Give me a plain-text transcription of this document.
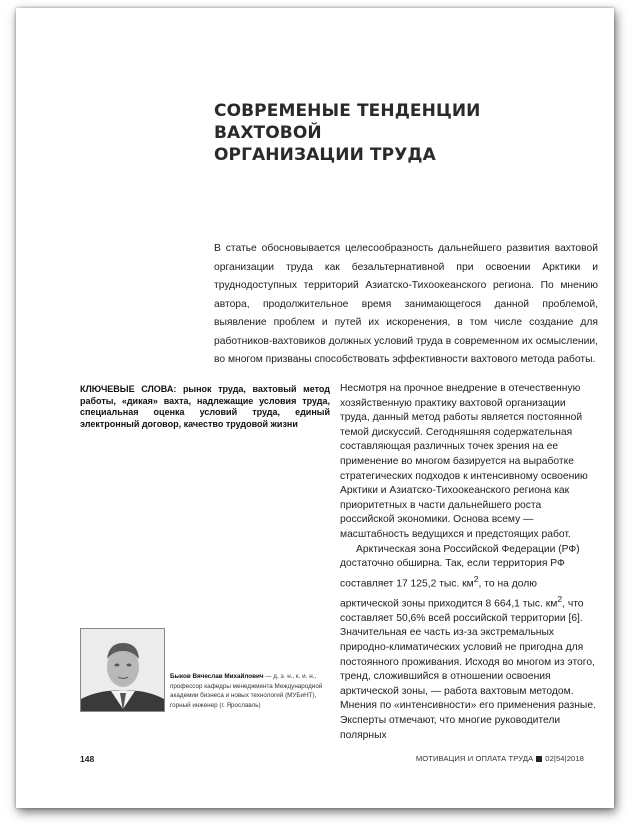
СОВРЕМЕНЫЕ ТЕНДЕНЦИИ ВАХТОВОЙ
ОРГАНИЗАЦИИ ТРУДА

В статье обосновывается целесообразность дальнейшего развития вахтовой организации труда как безальтернативной при освоении Арктики и труднодоступных территорий Азиатско-Тихоокеанского региона. По мнению автора, продолжительное время занимающегося данной проблемой, выявление проблем и путей их искоренения, в том числе создание для работников-вахтовиков должных условий труда в современном их осмыслении, во многом призваны способствовать эффективности вахтового метода работы.

КЛЮЧЕВЫЕ СЛОВА: рынок труда, вахтовый метод работы, «дикая» вахта, надлежащие условия труда, специальная оценка условий труда, единый электронный договор, качество трудовой жизни

Несмотря на прочное внедрение в отечественную хозяйственную практику вахтовой организации труда, данный метод работы является постоянной темой дискуссий. Сегодняшняя содержательная составляющая различных точек зрения на ее применение во многом базируется на выработке стратегических подходов к интенсивному освоению Арктики и Азиатско-Тихоокеанского региона как приоритетных в части дальнейшего роста российской экономики. Основа всему — масштабность ведущихся и предстоящих работ.

Арктическая зона Российской Федерации (РФ) достаточно обширна. Так, если территория РФ составляет 17 125,2 тыс. $км^2$, то на долю арктической зоны приходится 8 664,1 тыс. $км^2$, что составляет 50,6% всей российской территории [6]. Значительная ее часть из-за экстремальных природно-климатических условий не пригодна для постоянного проживания. Исходя во многом из этого, тренд, сложившийся в отношении освоения арктической зоны, — работа вахтовым методом. Мнения по «интенсивности» его применения разные. Эксперты отмечают, что многие руководители полярных

Быков Вячеслав Михайлович — д. э. н., к. и. н., профессор кафедры менеджмента Международной академии бизнеса и новых технологий (МУБиНТ), горный инженер (г. Ярославль)
148	МОТИВАЦИЯ И ОПЛАТА ТРУДА 02|54|2018
